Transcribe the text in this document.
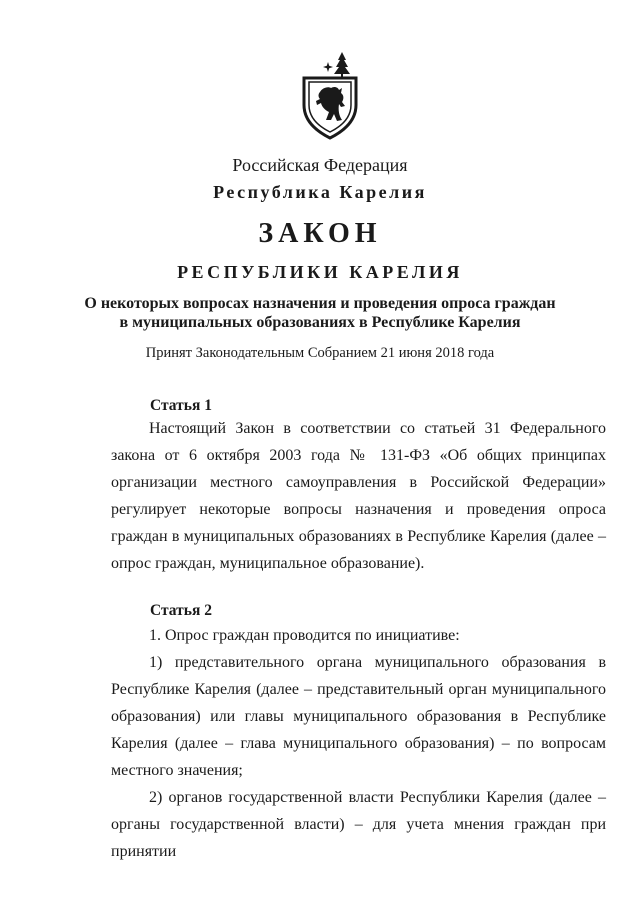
Российская Федерация
Республика Карелия
ЗАКОН
РЕСПУБЛИКИ КАРЕЛИЯ
О некоторых вопросах назначения и проведения опроса граждан
в муниципальных образованиях в Республике Карелия
Принят Законодательным Собранием 21 июня 2018 года
Статья 1

Настоящий Закон в соответствии со статьей 31 Федерального закона от 6 октября 2003 года № 131-ФЗ «Об общих принципах организации местного самоуправления в Российской Федерации» регулирует некоторые вопросы назначения и проведения опроса граждан в муниципальных образованиях в Республике Карелия (далее – опрос граждан, муниципальное образование).

Статья 2

1. Опрос граждан проводится по инициативе:

1) представительного органа муниципального образования в Республике Карелия (далее – представительный орган муниципального образования) или главы муниципального образования в Республике Карелия (далее – глава муниципального образования) – по вопросам местного значения;

2) органов государственной власти Республики Карелия (далее – органы государственной власти) – для учета мнения граждан при принятии
